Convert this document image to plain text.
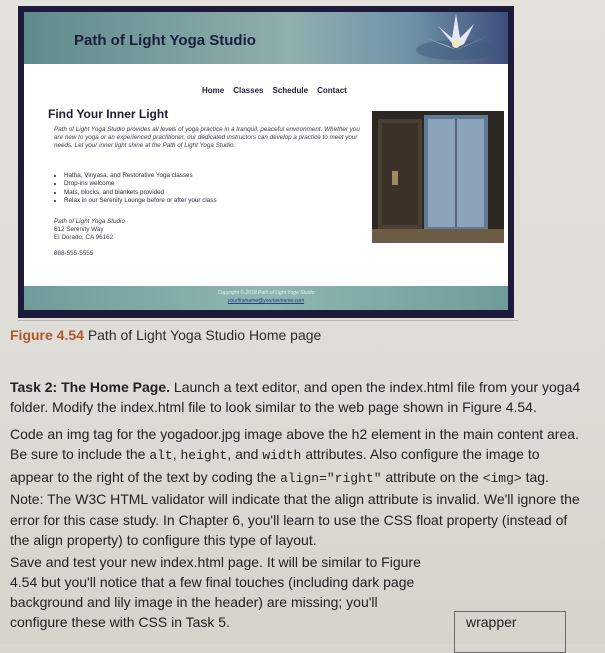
Path of Light Yoga Studio
Home Classes Schedule Contact
Find Your Inner Light
Path of Light Yoga Studio provides all levels of yoga practice in a tranquil, peaceful environment. Whether you are new to yoga or an experienced practitioner, our dedicated instructors can develop a practice to meet your needs. Let your inner light shine at the Path of Light Yoga Studio.
• Hatha, Vinyasa, and Restorative Yoga classes
• Drop-ins welcome
• Mats, blocks, and blankets provided
• Relax in our Serenity Lounge before or after your class
Path of Light Yoga Studio
612 Serenity Way
El Dorado, CA 96162
888-555-5555
Copyright © 2018 Path of Light Yoga Studio
yourfirstname@yourlastname.com
Figure 4.54 Path of Light Yoga Studio Home page
Task 2: The Home Page. Launch a text editor, and open the index.html file from your yoga4 folder. Modify the index.html file to look similar to the web page shown in Figure 4.54.
Code an img tag for the yogadoor.jpg image above the h2 element in the main content area. Be sure to include the alt, height, and width attributes. Also configure the image to appear to the right of the text by coding the align="right" attribute on the <img> tag. Note: The W3C HTML validator will indicate that the align attribute is invalid. We'll ignore the error for this case study. In Chapter 6, you'll learn to use the CSS float property (instead of the align property) to configure this type of layout.
Save and test your new index.html page. It will be similar to Figure 4.54 but you'll notice that a few final touches (including dark page background and lily image in the header) are missing; you'll configure these with CSS in Task 5.	wrapper
